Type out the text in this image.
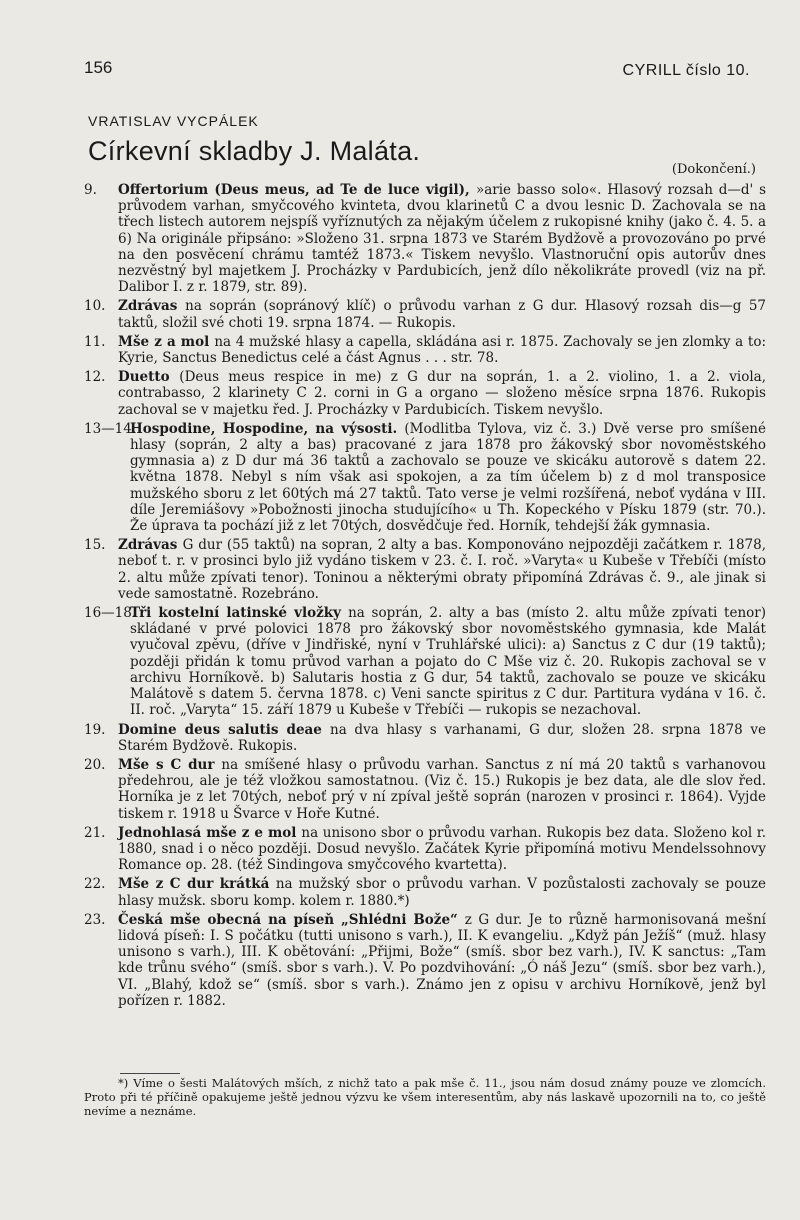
156	CYRILL číslo 10.
VRATISLAV VYCPÁLEK
Církevní skladby J. Maláta.
(Dokončení.)
9. Offertorium (Deus meus, ad Te de luce vigil), »arie basso solo«. Hlasový rozsah d—d' s průvodem varhan, smyčcového kvinteta, dvou klarinetů C a dvou lesnic D. Zachovala se na třech listech autorem nejspíš vyříznutých za nějakým účelem z rukopisné knihy (jako č. 4. 5. a 6) Na originále připsáno: »Složeno 31. srpna 1873 ve Starém Bydžově a provozováno po prvé na den posvěcení chrámu tamtéž 1873.« Tiskem nevyšlo. Vlastnoruční opis autorův dnes nezvěstný byl majetkem J. Procházky v Pardubicích, jenž dílo několikráte provedl (viz na př. Dalibor I. z r. 1879, str. 89).
10. Zdrávas na soprán (sopránový klíč) o průvodu varhan z G dur. Hlasový rozsah dis—g 57 taktů, složil své choti 19. srpna 1874. — Rukopis.
11. Mše z a mol na 4 mužské hlasy a capella, skládána asi r. 1875. Zachovaly se jen zlomky a to: Kyrie, Sanctus Benedictus celé a část Agnus . . . str. 78.
12. Duetto (Deus meus respice in me) z G dur na soprán, 1. a 2. violino, 1. a 2. viola, contrabasso, 2 klarinety C 2. corni in G a organo — složeno měsíce srpna 1876. Rukopis zachoval se v majetku řed. J. Procházky v Pardubicích. Tiskem nevyšlo.
13—14.
Hospodine, Hospodine, na výsosti. (Modlitba Tylova, viz č. 3.) Dvě verse pro smíšené hlasy (soprán, 2 alty a bas) pracované z jara 1878 pro žákovský sbor novoměstského gymnasia a) z D dur má 36 taktů a zachovalo se pouze ve skicáku autorově s datem 22. května 1878. Nebyl s ním však asi spokojen, a za tím účelem b) z d mol transposice mužského sboru z let 60tých má 27 taktů. Tato verse je velmi rozšířená, neboť vydána v III. díle Jeremiášovy »Pobožnosti jinocha studujícího« u Th. Kopeckého v Písku 1879 (str. 70.). Že úprava ta pochází již z let 70tých, dosvědčuje řed. Horník, tehdejší žák gymnasia.
15. Zdrávas G dur (55 taktů) na sopran, 2 alty a bas. Komponováno nejpozději začátkem r. 1878, neboť t. r. v prosinci bylo již vydáno tiskem v 23. č. I. roč. »Varyta« u Kubeše v Třebíči (místo 2. altu může zpívati tenor). Toninou a některými obraty připomíná Zdrávas č. 9., ale jinak si vede samostatně. Rozebráno.
16—18.
Tři kostelní latinské vložky na soprán, 2. alty a bas (místo 2. altu může zpívati tenor) skládané v prvé polovici 1878 pro žákovský sbor novoměstského gymnasia, kde Malát vyučoval zpěvu, (dříve v Jindřiské, nyní v Truhlářské ulici): a) Sanctus z C dur (19 taktů); později přidán k tomu průvod varhan a pojato do C Mše viz č. 20. Rukopis zachoval se v archivu Horníkově. b) Salutaris hostia z G dur, 54 taktů, zachovalo se pouze ve skicáku Malátově s datem 5. června 1878. c) Veni sancte spiritus z C dur. Partitura vydána v 16. č. II. roč. „Varyta“ 15. září 1879 u Kubeše v Třebíči — rukopis se nezachoval.
19. Domine deus salutis deae na dva hlasy s varhanami, G dur, složen 28. srpna 1878 ve Starém Bydžově. Rukopis.
20. Mše s C dur na smíšené hlasy o průvodu varhan. Sanctus z ní má 20 taktů s varhanovou předehrou, ale je též vložkou samostatnou. (Viz č. 15.) Rukopis je bez data, ale dle slov řed. Horníka je z let 70tých, neboť prý v ní zpíval ještě soprán (narozen v prosinci r. 1864). Vyjde tiskem r. 1918 u Švarce v Hoře Kutné.
21. Jednohlasá mše z e mol na unisono sbor o průvodu varhan. Rukopis bez data. Složeno kol r. 1880, snad i o něco později. Dosud nevyšlo. Začátek Kyrie připomíná motivu Mendelssohnovy Romance op. 28. (též Sindingova smyčcového kvartetta).
22. Mše z C dur krátká na mužský sbor o průvodu varhan. V pozůstalosti zachovaly se pouze hlasy mužsk. sboru komp. kolem r. 1880.*)
23. Česká mše obecná na píseň „Shlédni Bože“ z G dur. Je to různě harmonisovaná mešní lidová píseň: I. S počátku (tutti unisono s varh.), II. K evangeliu. „Když pán Ježíš“ (muž. hlasy unisono s varh.), III. K obětování: „Přijmi, Bože“ (smíš. sbor bez varh.), IV. K sanctus: „Tam kde trůnu svého“ (smíš. sbor s varh.). V. Po pozdvihování: „Ó náš Jezu“ (smíš. sbor bez varh.), VI. „Blahý, kdož se“ (smíš. sbor s varh.). Známo jen z opisu v archivu Horníkově, jenž byl pořízen r. 1882.
*) Víme o šesti Malátových mších, z nichž tato a pak mše č. 11., jsou nám dosud známy pouze ve zlomcích. Proto při té příčině opakujeme ještě jednou výzvu ke všem interesentům, aby nás laskavě upozornili na to, co ještě nevíme a neznáme.
